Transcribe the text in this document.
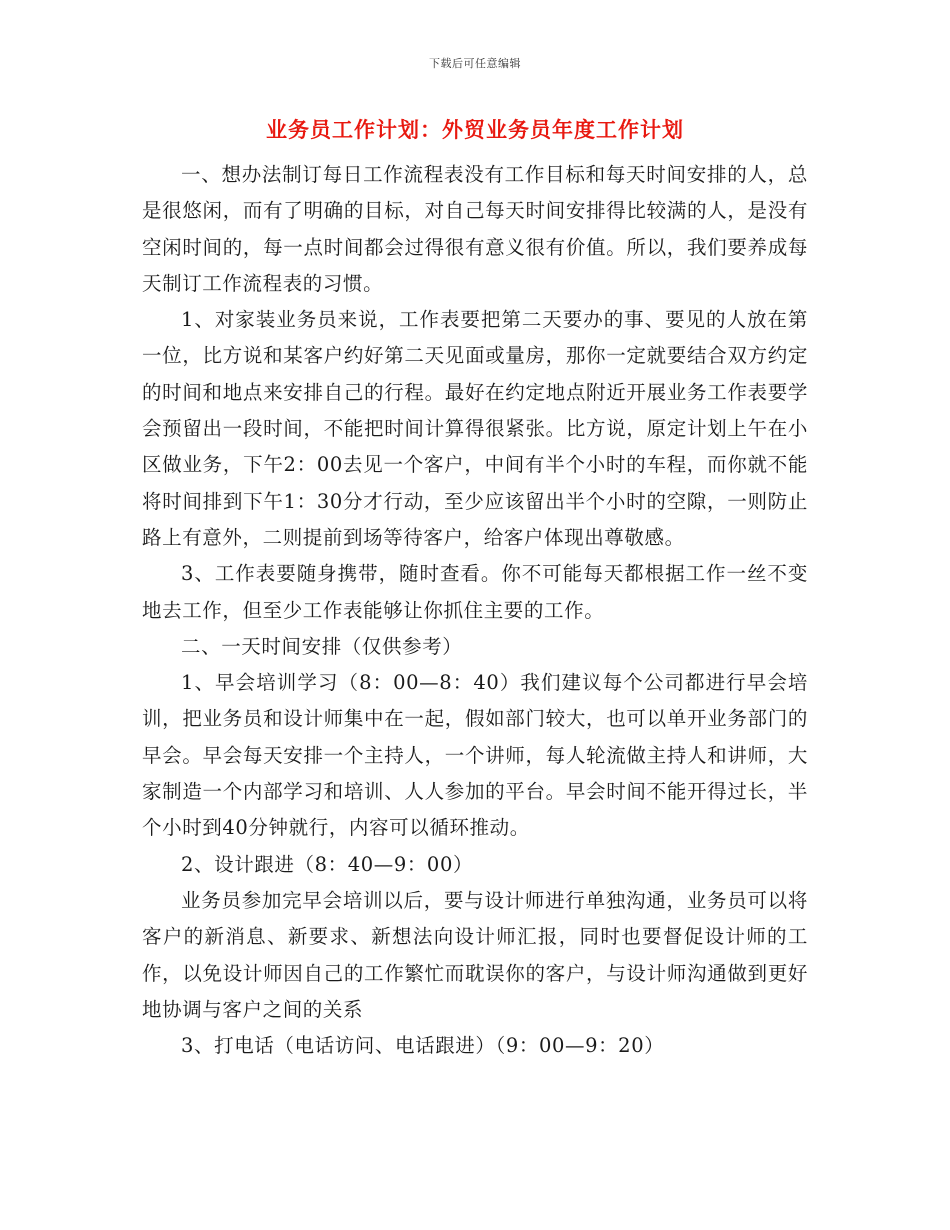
下载后可任意编辑
业务员工作计划：外贸业务员年度工作计划

一、想办法制订每日工作流程表没有工作目标和每天时间安排的人，总是很悠闲，而有了明确的目标，对自己每天时间安排得比较满的人，是没有空闲时间的，每一点时间都会过得很有意义很有价值。所以，我们要养成每天制订工作流程表的习惯。

1、对家装业务员来说，工作表要把第二天要办的事、要见的人放在第一位，比方说和某客户约好第二天见面或量房，那你一定就要结合双方约定的时间和地点来安排自己的行程。最好在约定地点附近开展业务工作表要学会预留出一段时间，不能把时间计算得很紧张。比方说，原定计划上午在小区做业务，下午2：00去见一个客户，中间有半个小时的车程，而你就不能将时间排到下午1：30分才行动，至少应该留出半个小时的空隙，一则防止路上有意外，二则提前到场等待客户，给客户体现出尊敬感。

3、工作表要随身携带，随时查看。你不可能每天都根据工作一丝不变地去工作，但至少工作表能够让你抓住主要的工作。

二、一天时间安排（仅供参考）

1、早会培训学习（8：00—8：40）我们建议每个公司都进行早会培训，把业务员和设计师集中在一起，假如部门较大，也可以单开业务部门的早会。早会每天安排一个主持人，一个讲师，每人轮流做主持人和讲师，大家制造一个内部学习和培训、人人参加的平台。早会时间不能开得过长，半个小时到40分钟就行，内容可以循环推动。

2、设计跟进（8：40—9：00）

业务员参加完早会培训以后，要与设计师进行单独沟通，业务员可以将客户的新消息、新要求、新想法向设计师汇报，同时也要督促设计师的工作，以免设计师因自己的工作繁忙而耽误你的客户，与设计师沟通做到更好地协调与客户之间的关系

3、打电话（电话访问、电话跟进）（9：00—9：20）
